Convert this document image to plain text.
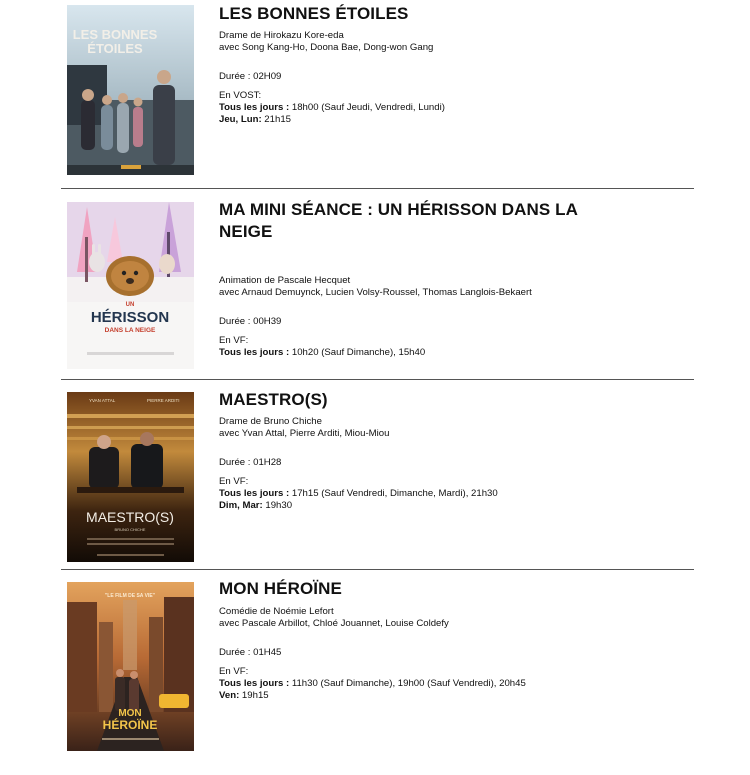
LES BONNES
ÉTOILES
LES BONNES ÉTOILES

Drame de Hirokazu Kore-eda

avec Song Kang-Ho, Doona Bae, Dong-won Gang

Durée : 02H09

En VOST:

Tous les jours : 18h00 (Sauf Jeudi, Vendredi, Lundi)

Jeu, Lun: 21h15

UN
HÉRISSON
DANS LA NEIGE
MA MINI SÉANCE : UN HÉRISSON DANS LA
NEIGE

Animation de Pascale Hecquet

avec Arnaud Demuynck, Lucien Volsy-Roussel, Thomas Langlois-Bekaert

Durée : 00H39

En VF:

Tous les jours : 10h20 (Sauf Dimanche), 15h40

YVAN ATTAL	PIERRE ARDITI
MAESTRO(S)
BRUNO CHICHE
MAESTRO(S)

Drame de Bruno Chiche

avec Yvan Attal, Pierre Arditi, Miou-Miou

Durée : 01H28

En VF:

Tous les jours : 17h15 (Sauf Vendredi, Dimanche, Mardi), 21h30

Dim, Mar: 19h30

"LE FILM DE SA VIE"
MON
HÉROÏNE
MON HÉROÏNE

Comédie de Noémie Lefort

avec Pascale Arbillot, Chloé Jouannet, Louise Coldefy

Durée : 01H45

En VF:

Tous les jours : 11h30 (Sauf Dimanche), 19h00 (Sauf Vendredi), 20h45

Ven: 19h15
